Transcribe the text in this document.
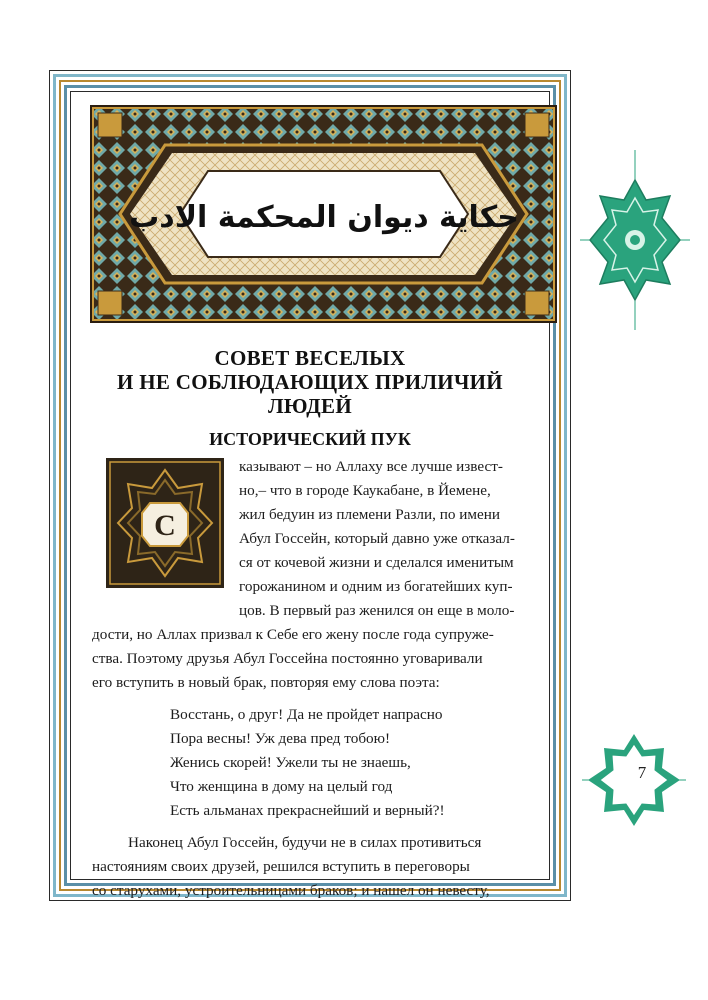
حكاية ديوان المحكمة الادب
СОВЕТ ВЕСЕЛЫХ
И НЕ СОБЛЮДАЮЩИХ ПРИЛИЧИЙ
ЛЮДЕЙ
ИСТОРИЧЕСКИЙ ПУК
С
казывают – но Аллаху все лучше извест-
но,– что в городе Каукабане, в Йемене,
жил бедуин из племени Разли, по имени
Абул Госсейн, который давно уже отказал-
ся от кочевой жизни и сделался именитым
горожанином и одним из богатейших куп-
цов. В первый раз женился он еще в моло-
дости, но Аллах призвал к Себе его жену после года супруже-
ства. Поэтому друзья Абул Госсейна постоянно уговаривали
его вступить в новый брак, повторяя ему слова поэта:
Восстань, о друг! Да не пройдет напрасно
Пора весны! Уж дева пред тобою!
Женись скорей! Ужели ты не знаешь,
Что женщина в дому на целый год
Есть альманах прекраснейший и верный?!
Наконец Абул Госсейн, будучи не в силах противиться
настояниям своих друзей, решился вступить в переговоры
со старухами, устроительницами браков; и нашел он невесту,
7
